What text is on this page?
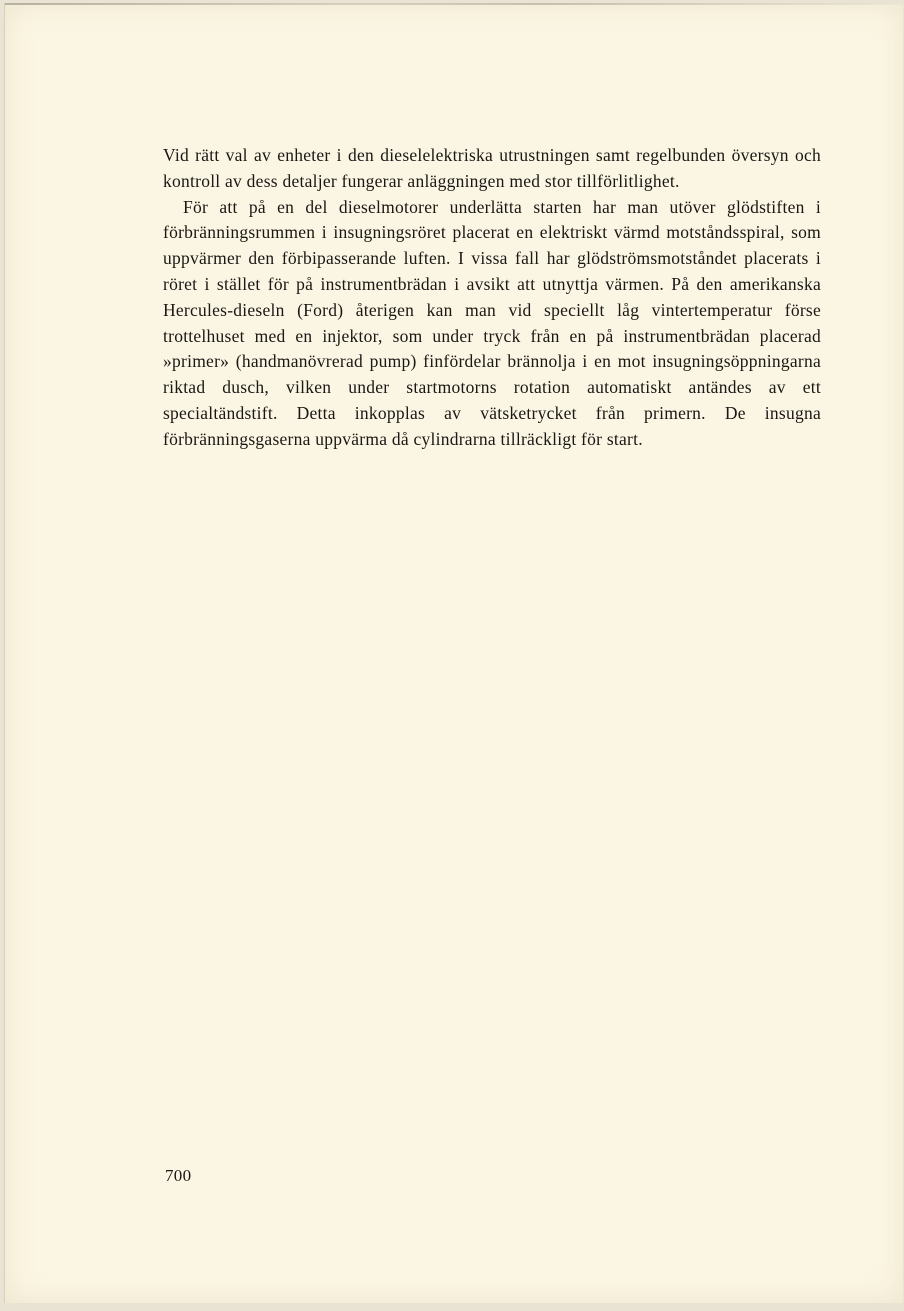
Vid rätt val av enheter i den dieselelektriska utrustningen samt regelbunden översyn och kontroll av dess detaljer fungerar anläggningen med stor tillförlitlighet.

För att på en del dieselmotorer underlätta starten har man utöver glödstiften i förbränningsrummen i insugningsröret placerat en elektriskt värmd motståndsspiral, som uppvärmer den förbipasserande luften. I vissa fall har glödströmsmotståndet placerats i röret i stället för på instrumentbrädan i avsikt att utnyttja värmen. På den amerikanska Hercules-dieseln (Ford) återigen kan man vid speciellt låg vintertemperatur förse trottelhuset med en injektor, som under tryck från en på instrumentbrädan placerad »primer» (handmanövrerad pump) finfördelar brännolja i en mot insugningsöppningarna riktad dusch, vilken under startmotorns rotation automatiskt antändes av ett specialtändstift. Detta inkopplas av vätsketrycket från primern. De insugna förbränningsgaserna uppvärma då cylindrarna tillräckligt för start.

700
